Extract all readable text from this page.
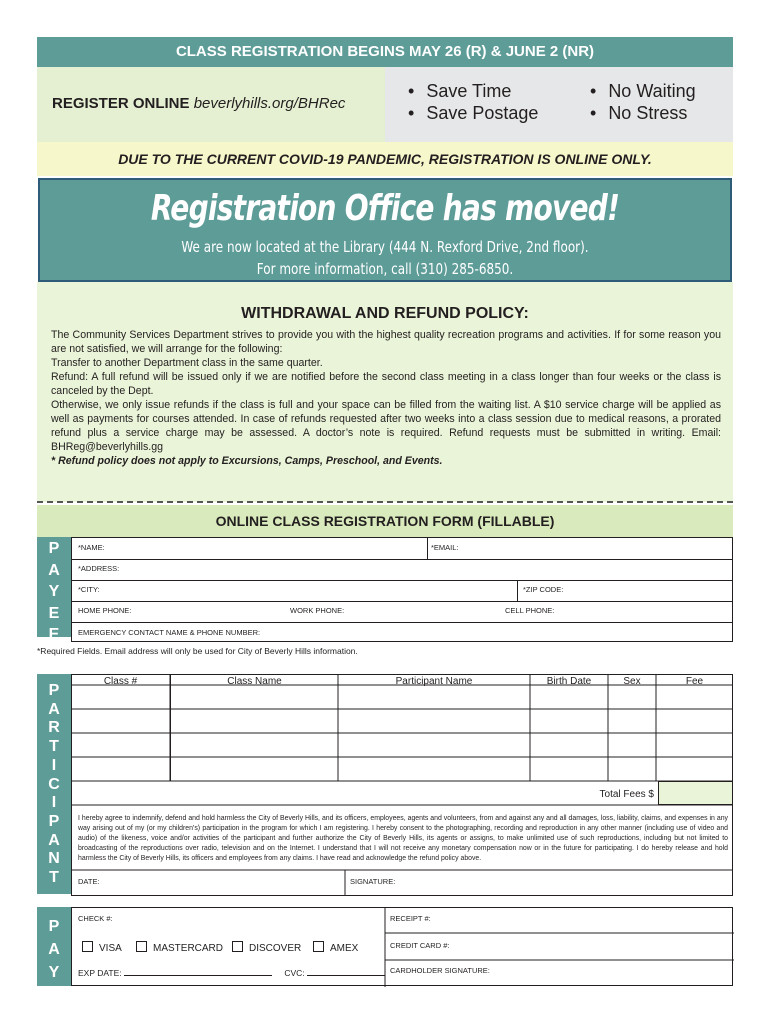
CLASS REGISTRATION BEGINS MAY 26 (R) & JUNE 2 (NR)
REGISTER ONLINE beverlyhills.org/BHRec
• Save Time
• Save Postage
• No Waiting
• No Stress
DUE TO THE CURRENT COVID-19 PANDEMIC, REGISTRATION IS ONLINE ONLY.
Registration Office has moved!
We are now located at the Library (444 N. Rexford Drive, 2nd floor).
For more information, call (310) 285-6850.
WITHDRAWAL AND REFUND POLICY:

The Community Services Department strives to provide you with the highest quality recreation programs and activities. If for some reason you are not satisfied, we will arrange for the following:

Transfer to another Department class in the same quarter.

Refund: A full refund will be issued only if we are notified before the second class meeting in a class longer than four weeks or the class is canceled by the Dept.

Otherwise, we only issue refunds if the class is full and your space can be filled from the waiting list. A $10 service charge will be applied as well as payments for courses attended. In case of refunds requested after two weeks into a class session due to medical reasons, a prorated refund plus a service charge may be assessed. A doctor’s note is required. Refund requests must be submitted in writing. Email: BHReg@beverlyhills.gg

* Refund policy does not apply to Excursions, Camps, Preschool, and Events.

ONLINE CLASS REGISTRATION FORM (FILLABLE)
P
A
Y
E
E
*NAME:	*EMAIL:
*ADDRESS:
*CITY:	*ZIP CODE:
HOME PHONE:	WORK PHONE:	CELL PHONE:
EMERGENCY CONTACT NAME & PHONE NUMBER:
*Required Fields. Email address will only be used for City of Beverly Hills information.
P
A
R
T
I
C
I
P
A
N
T
Class #	Class Name	Participant Name	Birth Date	Sex	Fee
Total Fees $
I hereby agree to indemnify, defend and hold harmless the City of Beverly Hills, and its officers, employees, agents and volunteers, from and against any and all damages, loss, liability, claims, and expenses in any way arising out of my (or my children’s) participation in the program for which I am registering. I hereby consent to the photographing, recording and reproduction in any other manner (including use of video and audio) of the likeness, voice and/or activities of the participant and further authorize the City of Beverly Hills, its agents or assigns, to make unlimited use of such reproductions, including but not limited to broadcasting of the reproductions over radio, television and on the Internet. I understand that I will not receive any monetary compensation now or in the future for participating. I do hereby release and hold harmless the City of Beverly Hills, its officers and employees from any claims. I have read and acknowledge the refund policy above.
DATE:	SIGNATURE:
P
A
Y
CHECK #:	RECEIPT #:
VISA	MASTERCARD	DISCOVER	AMEX	CREDIT CARD #:
EXP DATE:	CVC:	CARDHOLDER SIGNATURE:
